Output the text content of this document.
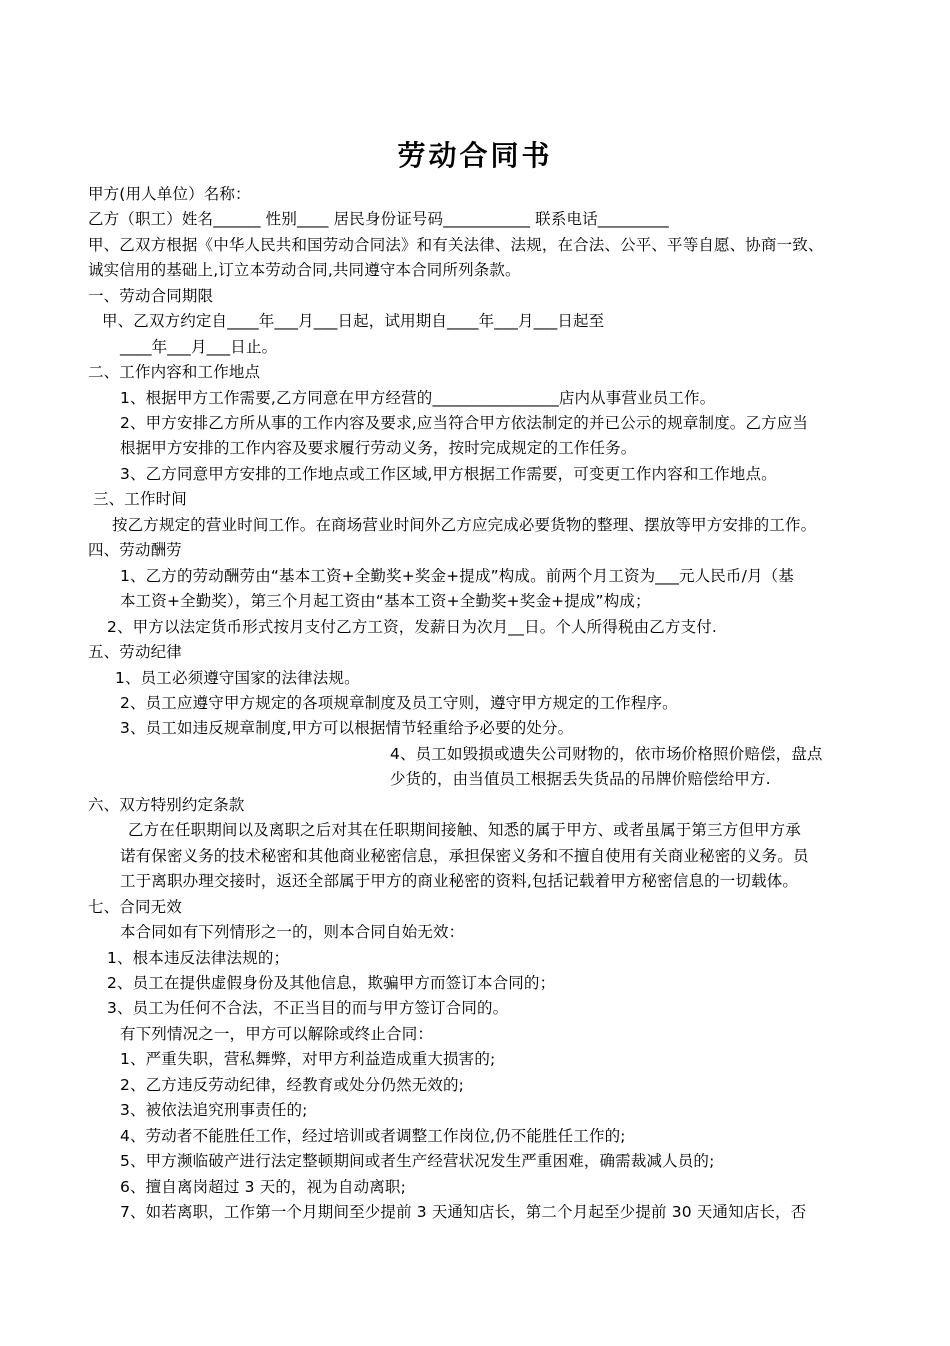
劳动合同书
甲方(用人单位）名称：
乙方（职工）姓名______ 性别____ 居民身份证号码___________ 联系电话_________
甲、乙双方根据《中华人民共和国劳动合同法》和有关法律、法规，在合法、公平、平等自愿、协商一致、
诚实信用的基础上,订立本劳动合同,共同遵守本合同所列条款。
一、劳动合同期限
甲、乙双方约定自____年___月___日起，试用期自____年___月___日起至
____年___月___日止。
二、工作内容和工作地点
1、根据甲方工作需要,乙方同意在甲方经营的________________店内从事营业员工作。
2、甲方安排乙方所从事的工作内容及要求,应当符合甲方依法制定的并已公示的规章制度。乙方应当
根据甲方安排的工作内容及要求履行劳动义务，按时完成规定的工作任务。
3、乙方同意甲方安排的工作地点或工作区域,甲方根据工作需要，可变更工作内容和工作地点。
三、工作时间
按乙方规定的营业时间工作。在商场营业时间外乙方应完成必要货物的整理、摆放等甲方安排的工作。
四、劳动酬劳
1、乙方的劳动酬劳由“基本工资+全勤奖+奖金+提成”构成。前两个月工资为___元人民币/月（基
本工资+全勤奖），第三个月起工资由“基本工资+全勤奖+奖金+提成”构成；
2、甲方以法定货币形式按月支付乙方工资，发薪日为次月__日。个人所得税由乙方支付.
五、劳动纪律
1、员工必须遵守国家的法律法规。
2、员工应遵守甲方规定的各项规章制度及员工守则，遵守甲方规定的工作程序。
3、员工如违反规章制度,甲方可以根据情节轻重给予必要的处分。
4、员工如毁损或遗失公司财物的，依市场价格照价赔偿，盘点
少货的，由当值员工根据丢失货品的吊牌价赔偿给甲方.
六、双方特别约定条款
乙方在任职期间以及离职之后对其在任职期间接触、知悉的属于甲方、或者虽属于第三方但甲方承
诺有保密义务的技术秘密和其他商业秘密信息，承担保密义务和不擅自使用有关商业秘密的义务。员
工于离职办理交接时，返还全部属于甲方的商业秘密的资料,包括记载着甲方秘密信息的一切载体。
七、合同无效
本合同如有下列情形之一的，则本合同自始无效：
1、根本违反法律法规的；
2、员工在提供虚假身份及其他信息，欺骗甲方而签订本合同的；
3、员工为任何不合法，不正当目的而与甲方签订合同的。
有下列情况之一，甲方可以解除或终止合同：
1、严重失职，营私舞弊，对甲方利益造成重大损害的;
2、乙方违反劳动纪律，经教育或处分仍然无效的;
3、被依法追究刑事责任的;
4、劳动者不能胜任工作，经过培训或者调整工作岗位,仍不能胜任工作的;
5、甲方濒临破产进行法定整顿期间或者生产经营状况发生严重困难，确需裁减人员的;
6、擅自离岗超过 3 天的，视为自动离职;
7、如若离职，工作第一个月期间至少提前 3 天通知店长，第二个月起至少提前 30 天通知店长，否
